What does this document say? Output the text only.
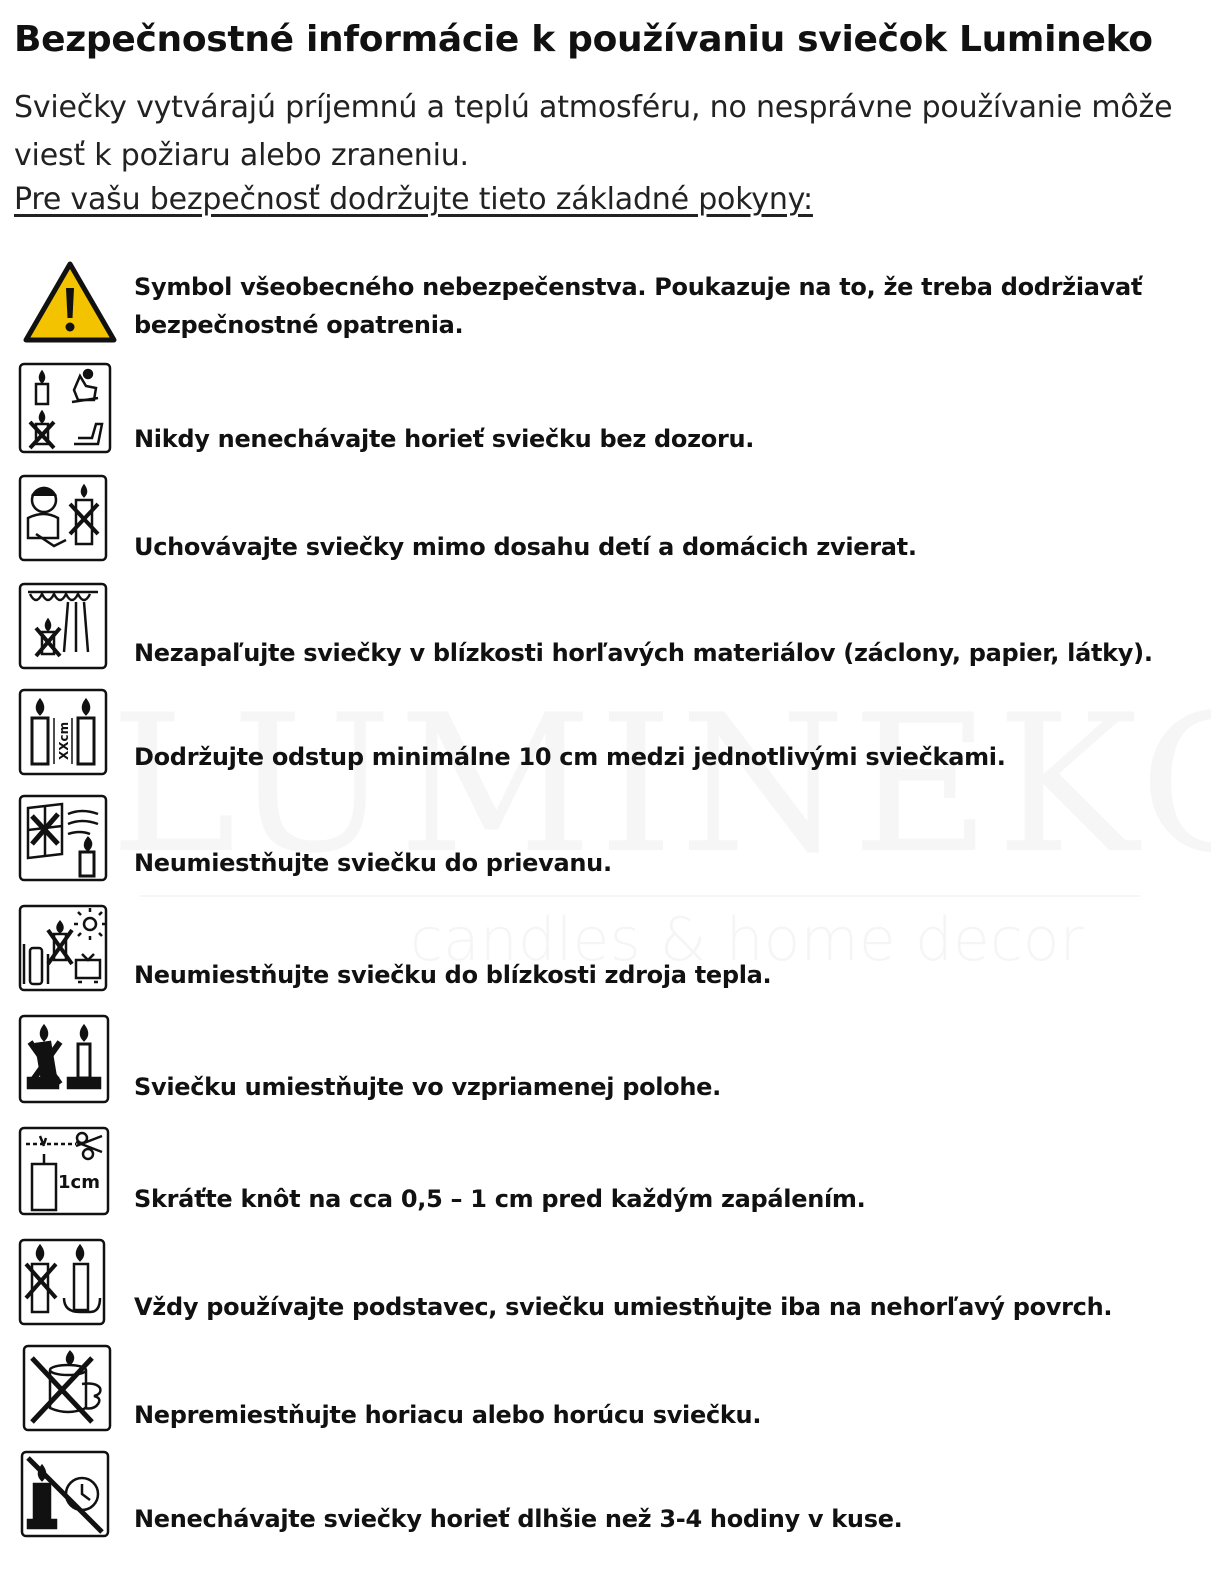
Bezpečnostné informácie k používaniu sviečok Lumineko

Sviečky vytvárajú príjemnú a teplú atmosféru, no nesprávne používanie môže viesť k požiaru alebo zraneniu.

Pre vašu bezpečnosť dodržujte tieto základné pokyny:

Symbol všeobecného nebezpečenstva. Poukazuje na to, že treba dodržiavať bezpečnostné opatrenia.
Nikdy nenechávajte horieť sviečku bez dozoru.
Uchovávajte sviečky mimo dosahu detí a domácich zvierat.
Nezapaľujte sviečky v blízkosti horľavých materiálov (záclony, papier, látky).
XXcm	Dodržujte odstup minimálne 10 cm medzi jednotlivými sviečkami.
Neumiestňujte sviečku do prievanu.
Neumiestňujte sviečku do blízkosti zdroja tepla.
Sviečku umiestňujte vo vzpriamenej polohe.
1cm
Skráťte knôt na cca 0,5 – 1 cm pred každým zapálením.
Vždy používajte podstavec, sviečku umiestňujte iba na nehorľavý povrch.
Nepremiestňujte horiacu alebo horúcu sviečku.
Nenechávajte sviečky horieť dlhšie než 3-4 hodiny v kuse.
